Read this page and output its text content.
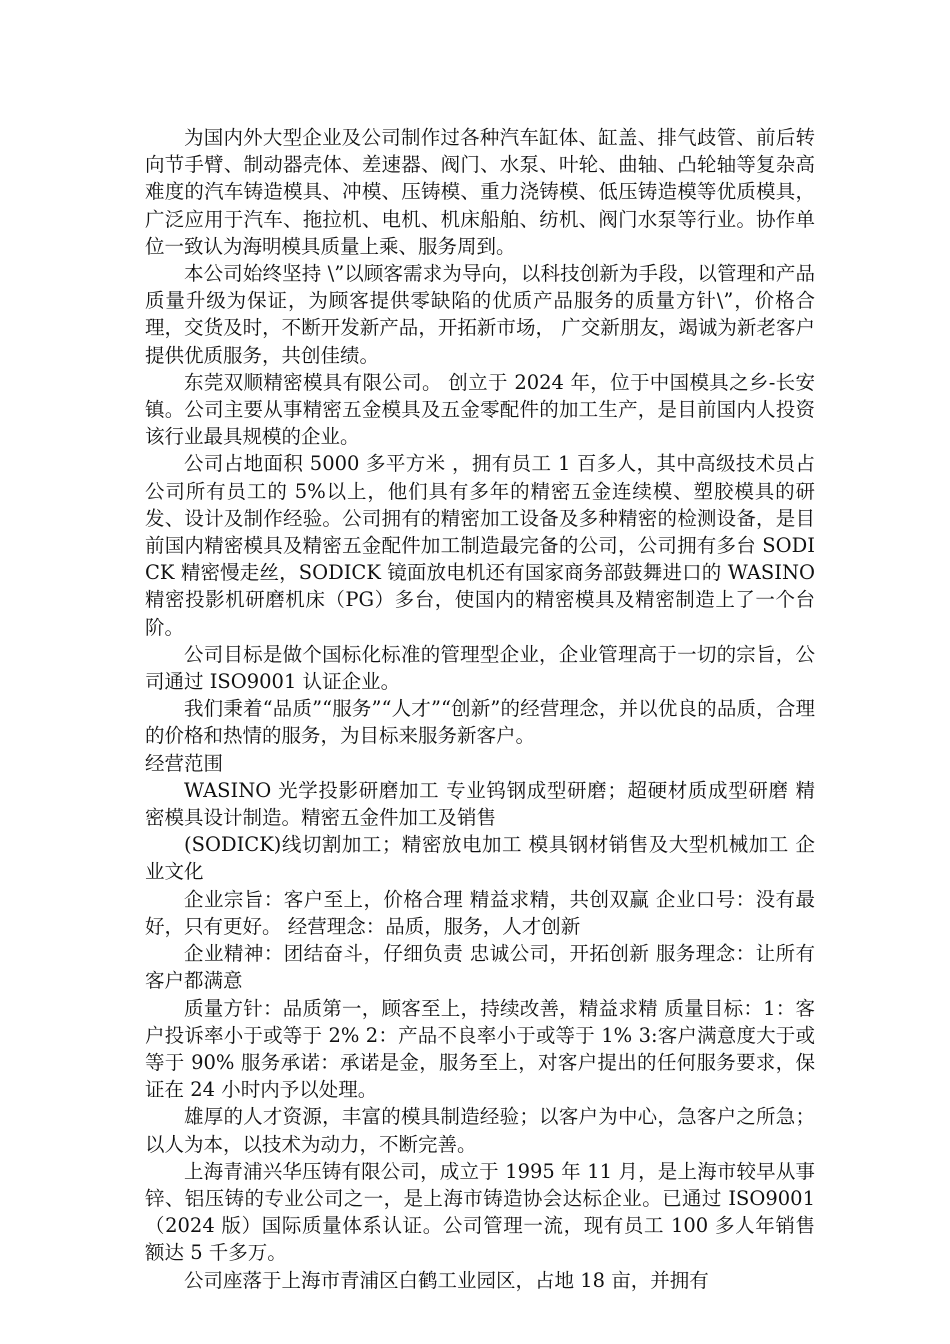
为国内外大型企业及公司制作过各种汽车缸体、缸盖、排气歧管、前后转向节手臂、制动器壳体、差速器、阀门、水泵、叶轮、曲轴、凸轮轴等复杂高难度的汽车铸造模具、冲模、压铸模、重力浇铸模、低压铸造模等优质模具，广泛应用于汽车、拖拉机、电机、机床船舶、纺机、阀门水泵等行业。协作单位一致认为海明模具质量上乘、服务周到。

本公司始终坚持 \”以顾客需求为导向，以科技创新为手段，以管理和产品质量升级为保证，为顾客提供零缺陷的优质产品服务的质量方针\”，价格合理，交货及时，不断开发新产品，开拓新市场， 广交新朋友，竭诚为新老客户提供优质服务，共创佳绩。

东莞双顺精密模具有限公司。 创立于 2024 年，位于中国模具之乡-长安镇。公司主要从事精密五金模具及五金零配件的加工生产，是目前国内人投资该行业最具规模的企业。

公司占地面积 5000 多平方米 ，拥有员工 1 百多人，其中高级技术员占公司所有员工的 5%以上，他们具有多年的精密五金连续模、塑胶模具的研发、设计及制作经验。公司拥有的精密加工设备及多种精密的检测设备，是目前国内精密模具及精密五金配件加工制造最完备的公司，公司拥有多台 SODICK 精密慢走丝，SODICK 镜面放电机还有国家商务部鼓舞进口的 WASINO 精密投影机研磨机床（PG）多台，使国内的精密模具及精密制造上了一个台阶。

公司目标是做个国标化标准的管理型企业，企业管理高于一切的宗旨，公司通过 ISO9001 认证企业。

我们秉着“品质”“服务”“人才”“创新”的经营理念，并以优良的品质，合理的价格和热情的服务，为目标来服务新客户。

经营范围

WASINO 光学投影研磨加工 专业钨钢成型研磨；超硬材质成型研磨 精密模具设计制造。精密五金件加工及销售

(SODICK)线切割加工；精密放电加工 模具钢材销售及大型机械加工 企业文化

企业宗旨：客户至上，价格合理 精益求精，共创双赢 企业口号：没有最好，只有更好。 经营理念：品质，服务，人才创新

企业精神：团结奋斗，仔细负责 忠诚公司，开拓创新 服务理念：让所有客户都满意

质量方针：品质第一，顾客至上，持续改善，精益求精 质量目标：1：客户投诉率小于或等于 2% 2：产品不良率小于或等于 1% 3:客户满意度大于或等于 90% 服务承诺：承诺是金，服务至上，对客户提出的任何服务要求，保证在 24 小时内予以处理。

雄厚的人才资源，丰富的模具制造经验；以客户为中心，急客户之所急；以人为本，以技术为动力，不断完善。

上海青浦兴华压铸有限公司，成立于 1995 年 11 月，是上海市较早从事锌、铝压铸的专业公司之一，是上海市铸造协会达标企业。已通过 ISO9001（2024 版）国际质量体系认证。公司管理一流，现有员工 100 多人年销售额达 5 千多万。

公司座落于上海市青浦区白鹤工业园区，占地 18 亩，并拥有
